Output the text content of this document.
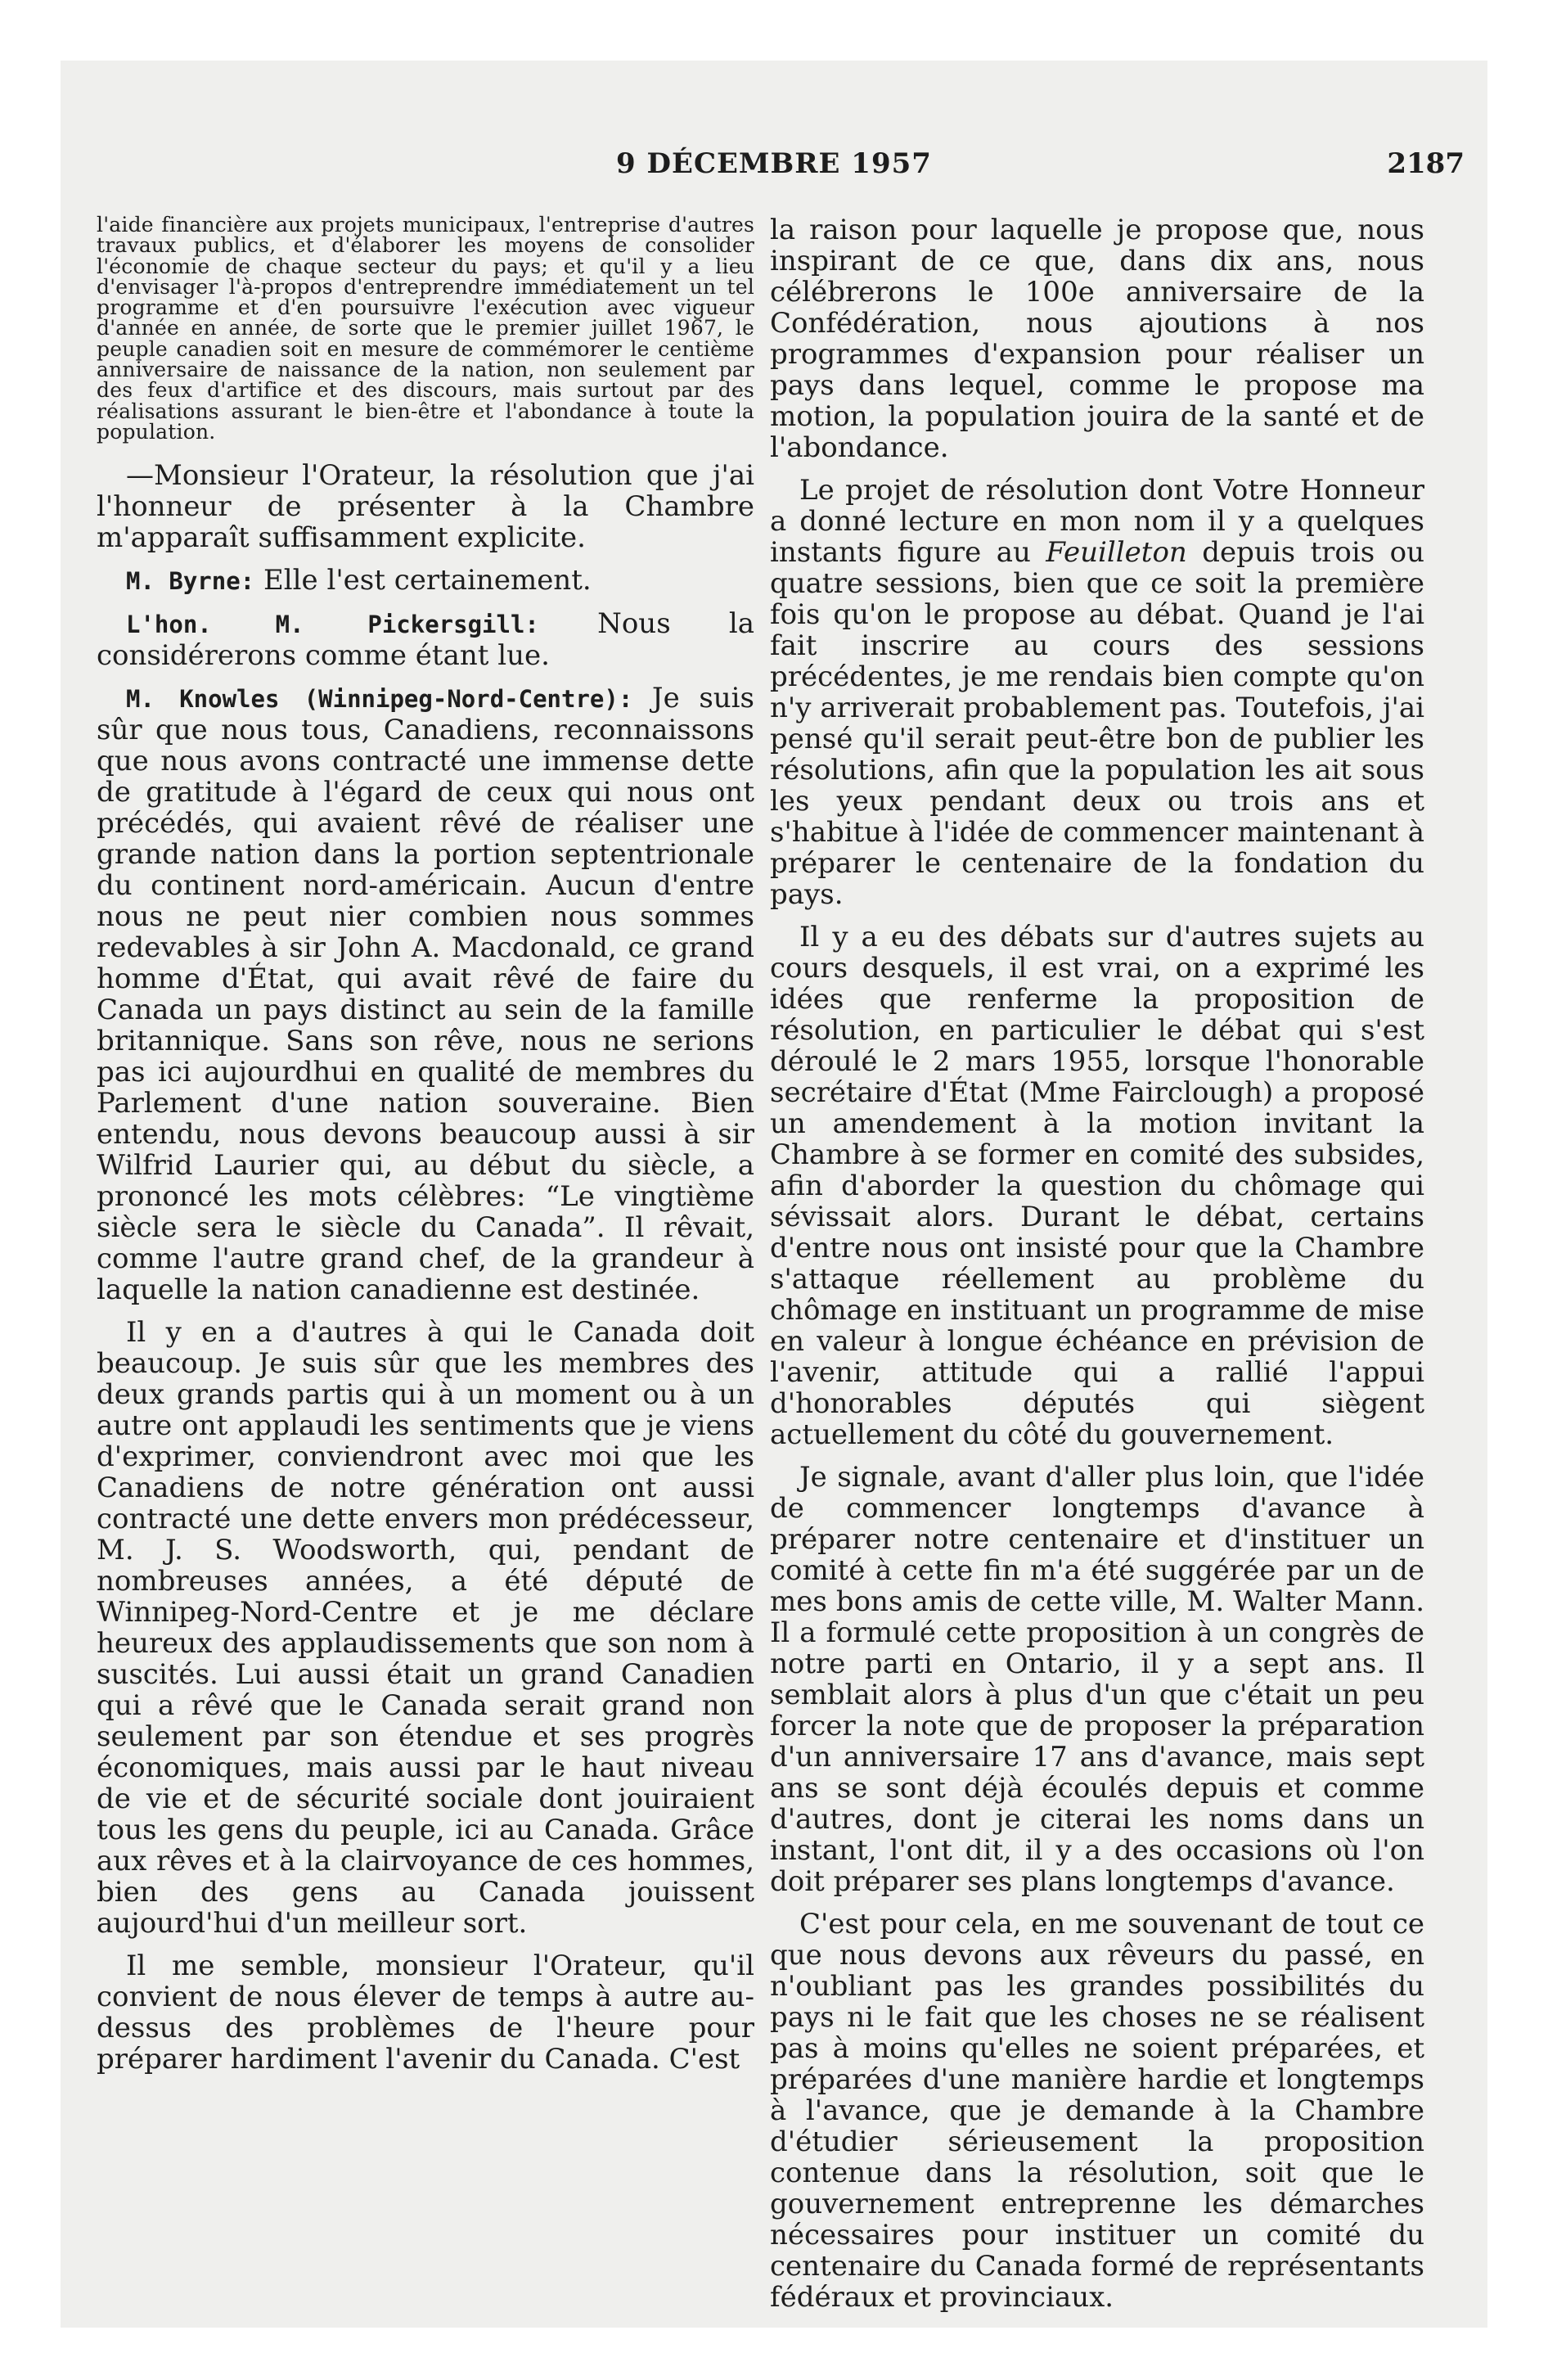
9 DÉCEMBRE 1957	2187

l'aide financière aux projets municipaux, l'entreprise d'autres travaux publics, et d'élaborer les moyens de consolider l'économie de chaque secteur du pays; et qu'il y a lieu d'envisager l'à-propos d'entreprendre immédiatement un tel programme et d'en poursuivre l'exécution avec vigueur d'année en année, de sorte que le premier juillet 1967, le peuple canadien soit en mesure de commémorer le centième anniversaire de naissance de la nation, non seulement par des feux d'artifice et des discours, mais surtout par des réalisations assurant le bien-être et l'abondance à toute la population.

—Monsieur l'Orateur, la résolution que j'ai l'honneur de présenter à la Chambre m'apparaît suffisamment explicite.

M. Byrne: Elle l'est certainement.

L'hon. M. Pickersgill: Nous la considérerons comme étant lue.

M. Knowles (Winnipeg-Nord-Centre): Je suis sûr que nous tous, Canadiens, reconnaissons que nous avons contracté une immense dette de gratitude à l'égard de ceux qui nous ont précédés, qui avaient rêvé de réaliser une grande nation dans la portion septentrionale du continent nord-américain. Aucun d'entre nous ne peut nier combien nous sommes redevables à sir John A. Macdonald, ce grand homme d'État, qui avait rêvé de faire du Canada un pays distinct au sein de la famille britannique. Sans son rêve, nous ne serions pas ici aujourdhui en qualité de membres du Parlement d'une nation souveraine. Bien entendu, nous devons beaucoup aussi à sir Wilfrid Laurier qui, au début du siècle, a prononcé les mots célèbres: “Le vingtième siècle sera le siècle du Canada”. Il rêvait, comme l'autre grand chef, de la grandeur à laquelle la nation canadienne est destinée.

Il y en a d'autres à qui le Canada doit beaucoup. Je suis sûr que les membres des deux grands partis qui à un moment ou à un autre ont applaudi les sentiments que je viens d'exprimer, conviendront avec moi que les Canadiens de notre génération ont aussi contracté une dette envers mon prédécesseur, M. J. S. Woodsworth, qui, pendant de nombreuses années, a été député de Winnipeg-Nord-Centre et je me déclare heureux des applaudissements que son nom à suscités. Lui aussi était un grand Canadien qui a rêvé que le Canada serait grand non seulement par son étendue et ses progrès économiques, mais aussi par le haut niveau de vie et de sécurité sociale dont jouiraient tous les gens du peuple, ici au Canada. Grâce aux rêves et à la clairvoyance de ces hommes, bien des gens au Canada jouissent aujourd'hui d'un meilleur sort.

Il me semble, monsieur l'Orateur, qu'il convient de nous élever de temps à autre au-dessus des problèmes de l'heure pour préparer hardiment l'avenir du Canada. C'est

la raison pour laquelle je propose que, nous inspirant de ce que, dans dix ans, nous célébrerons le 100e anniversaire de la Confédération, nous ajoutions à nos programmes d'expansion pour réaliser un pays dans lequel, comme le propose ma motion, la population jouira de la santé et de l'abondance.

Le projet de résolution dont Votre Honneur a donné lecture en mon nom il y a quelques instants figure au Feuilleton depuis trois ou quatre sessions, bien que ce soit la première fois qu'on le propose au débat. Quand je l'ai fait inscrire au cours des sessions précédentes, je me rendais bien compte qu'on n'y arriverait probablement pas. Toutefois, j'ai pensé qu'il serait peut-être bon de publier les résolutions, afin que la population les ait sous les yeux pendant deux ou trois ans et s'habitue à l'idée de commencer maintenant à préparer le centenaire de la fondation du pays.

Il y a eu des débats sur d'autres sujets au cours desquels, il est vrai, on a exprimé les idées que renferme la proposition de résolution, en particulier le débat qui s'est déroulé le 2 mars 1955, lorsque l'honorable secrétaire d'État (Mme Fairclough) a proposé un amendement à la motion invitant la Chambre à se former en comité des subsides, afin d'aborder la question du chômage qui sévissait alors. Durant le débat, certains d'entre nous ont insisté pour que la Chambre s'attaque réellement au problème du chômage en instituant un programme de mise en valeur à longue échéance en prévision de l'avenir, attitude qui a rallié l'appui d'honorables députés qui siègent actuellement du côté du gouvernement.

Je signale, avant d'aller plus loin, que l'idée de commencer longtemps d'avance à préparer notre centenaire et d'instituer un comité à cette fin m'a été suggérée par un de mes bons amis de cette ville, M. Walter Mann. Il a formulé cette proposition à un congrès de notre parti en Ontario, il y a sept ans. Il semblait alors à plus d'un que c'était un peu forcer la note que de proposer la préparation d'un anniversaire 17 ans d'avance, mais sept ans se sont déjà écoulés depuis et comme d'autres, dont je citerai les noms dans un instant, l'ont dit, il y a des occasions où l'on doit préparer ses plans longtemps d'avance.

C'est pour cela, en me souvenant de tout ce que nous devons aux rêveurs du passé, en n'oubliant pas les grandes possibilités du pays ni le fait que les choses ne se réalisent pas à moins qu'elles ne soient préparées, et préparées d'une manière hardie et longtemps à l'avance, que je demande à la Chambre d'étudier sérieusement la proposition contenue dans la résolution, soit que le gouvernement entreprenne les démarches nécessaires pour instituer un comité du centenaire du Canada formé de représentants fédéraux et provinciaux.
